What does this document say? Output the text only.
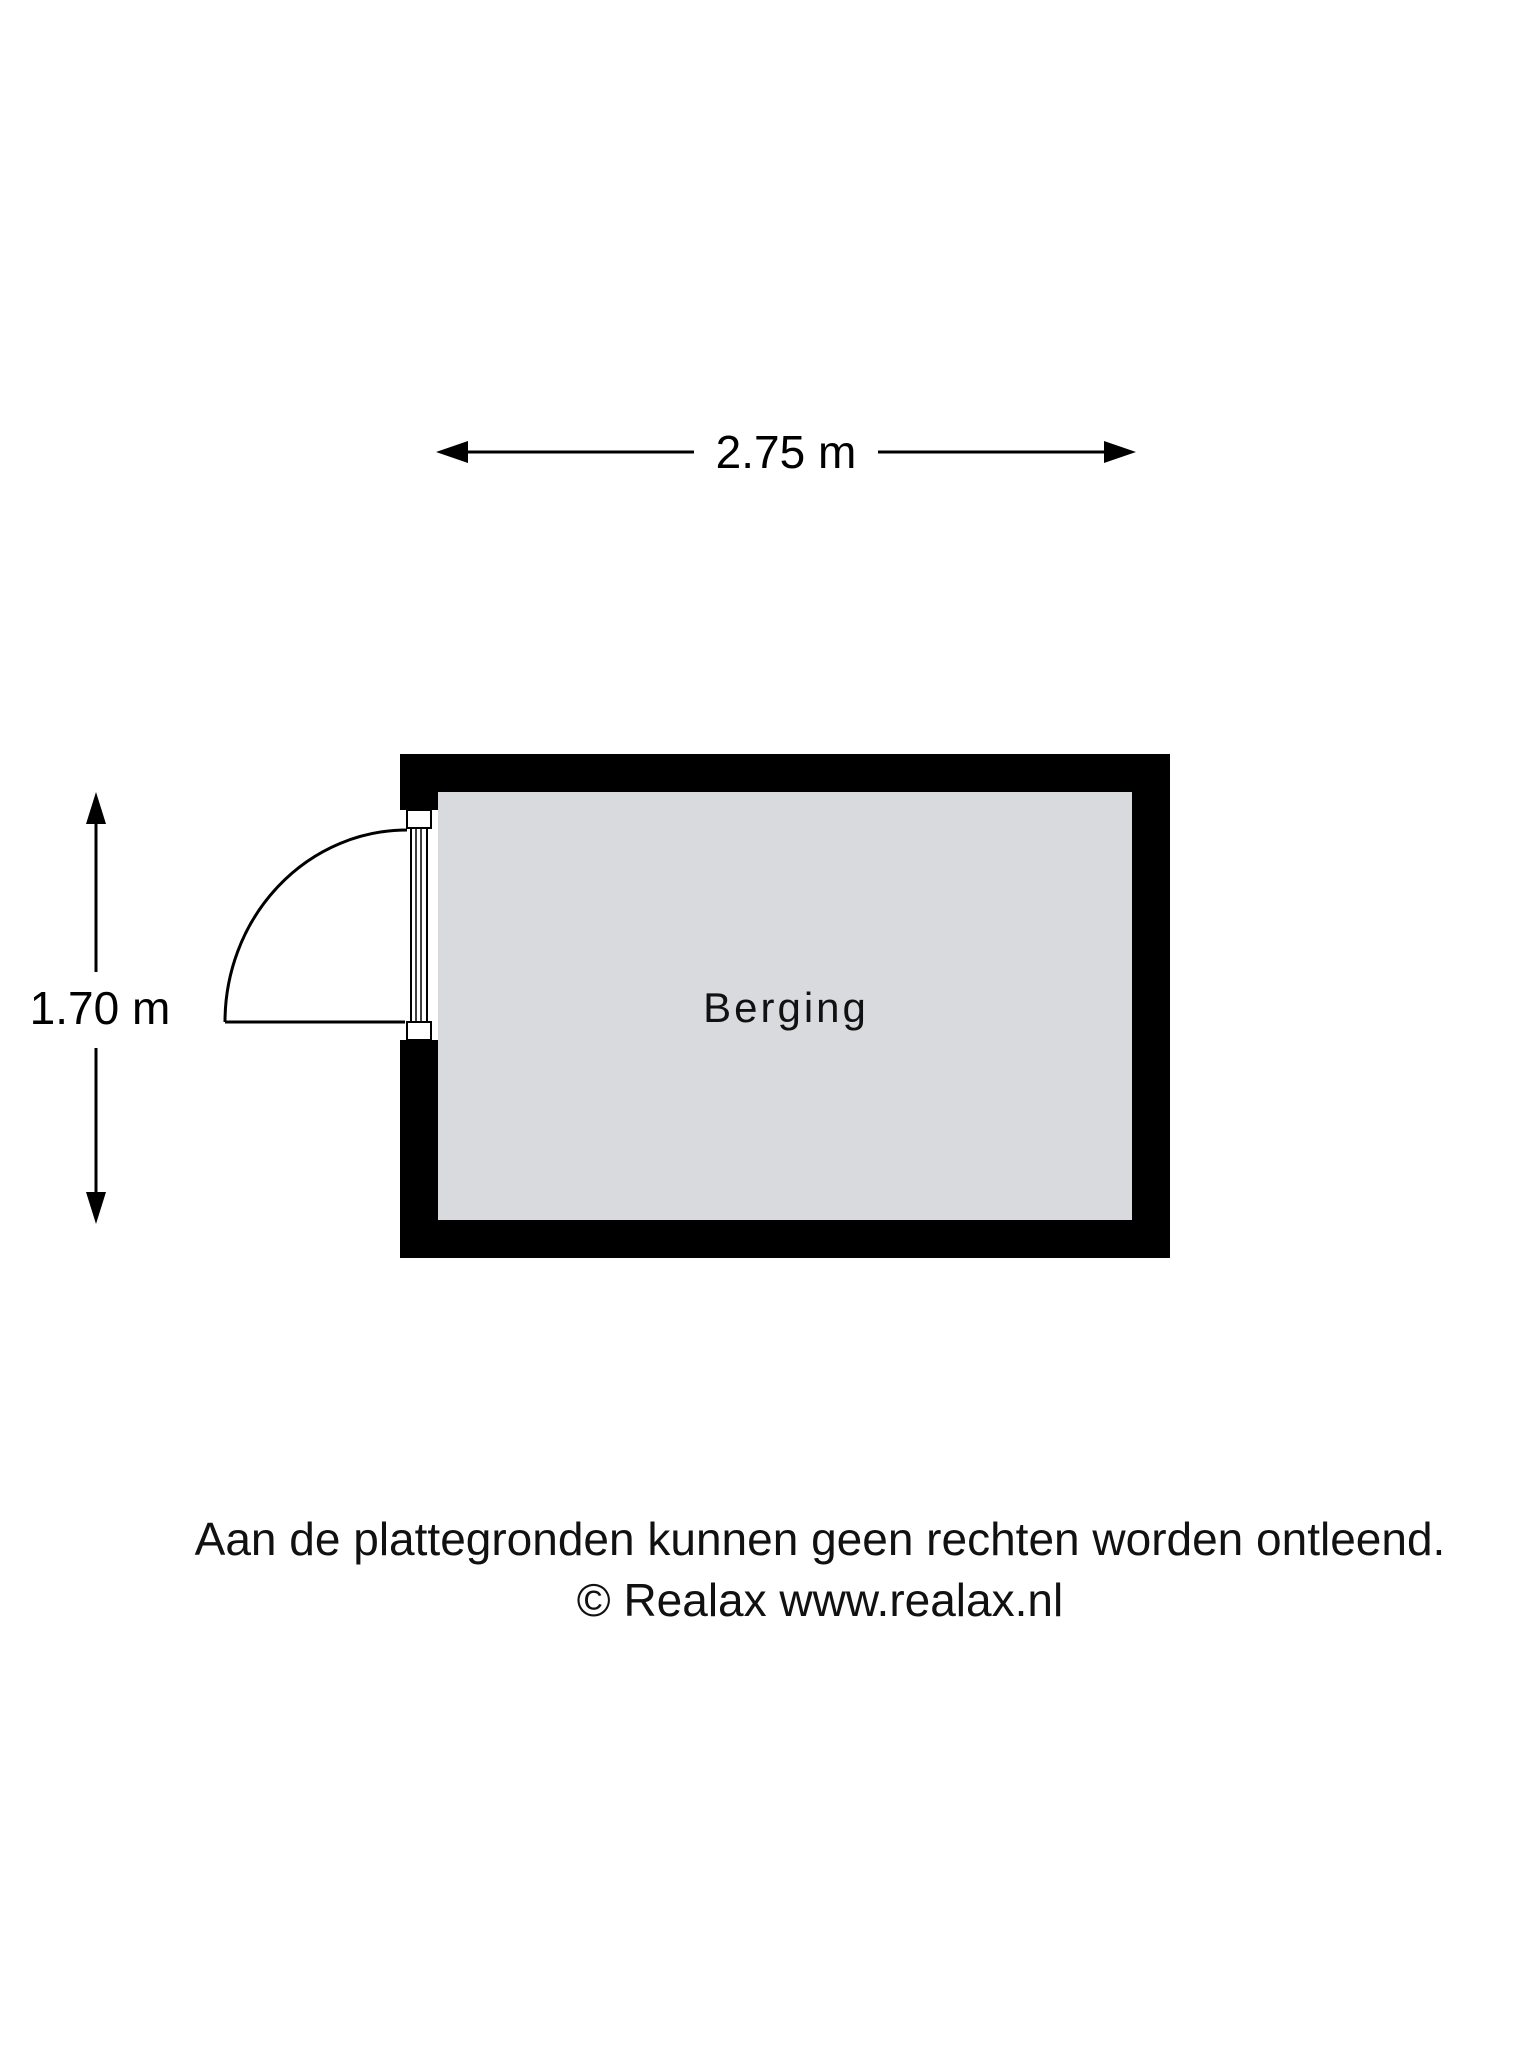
2.75 m
1.70 m	Berging

Aan de plattegronden kunnen geen rechten worden ontleend.

© Realax www.realax.nl
